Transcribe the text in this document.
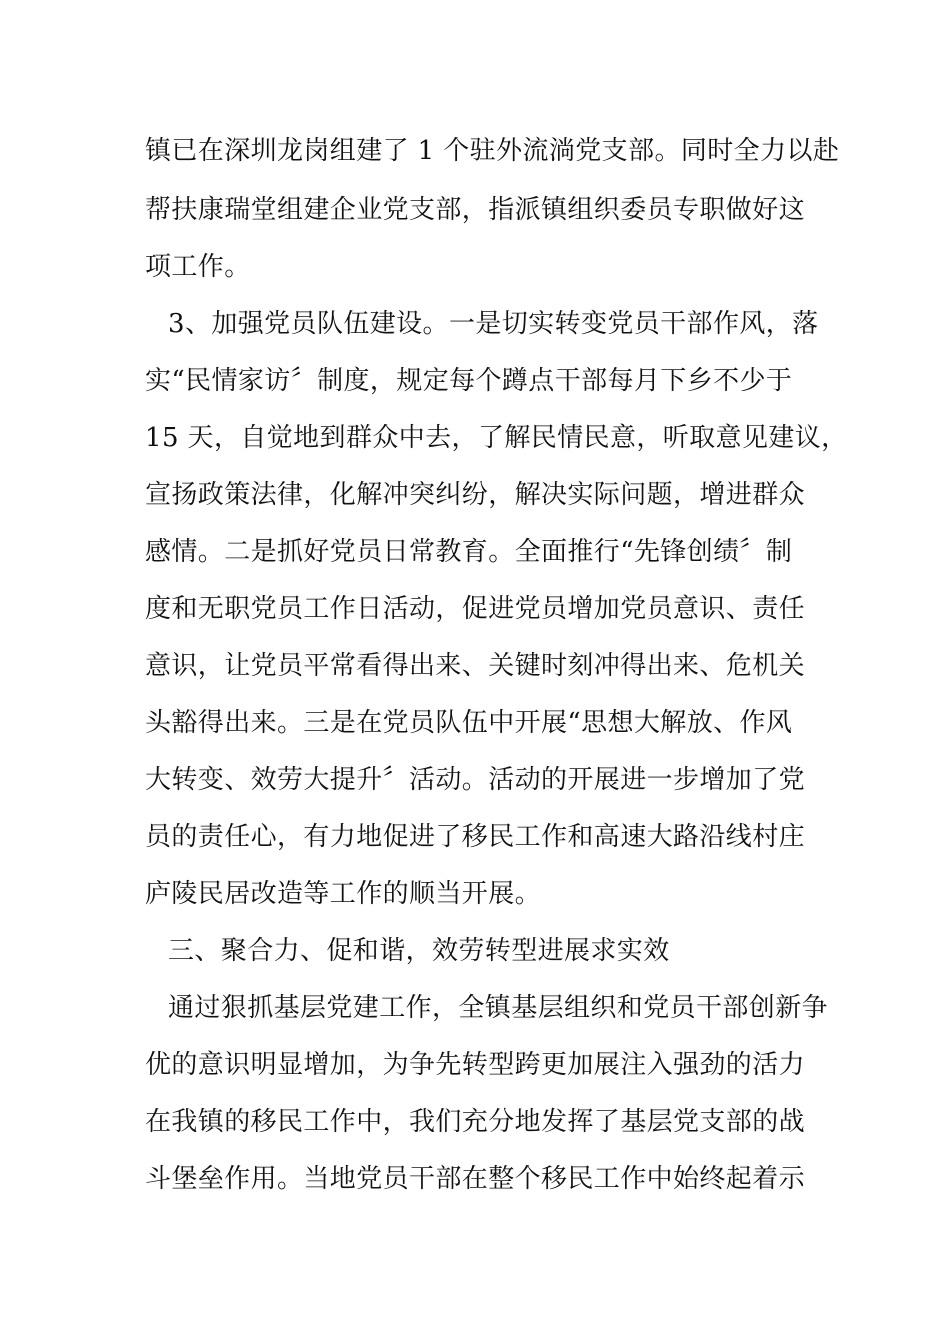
镇已在深圳龙岗组建了 1 个驻外流淌党支部。同时全力以赴
帮扶康瑞堂组建企业党支部，指派镇组织委员专职做好这
项工作。
3、加强党员队伍建设。一是切实转变党员干部作风，落
实“民情家访〞制度，规定每个蹲点干部每月下乡不少于
15 天，自觉地到群众中去，了解民情民意，听取意见建议，
宣扬政策法律，化解冲突纠纷，解决实际问题，增进群众
感情。二是抓好党员日常教育。全面推行“先锋创绩〞制
度和无职党员工作日活动，促进党员增加党员意识、责任
意识，让党员平常看得出来、关键时刻冲得出来、危机关
头豁得出来。三是在党员队伍中开展“思想大解放、作风
大转变、效劳大提升〞活动。活动的开展进一步增加了党
员的责任心，有力地促进了移民工作和高速大路沿线村庄
庐陵民居改造等工作的顺当开展。
三、聚合力、促和谐，效劳转型进展求实效
通过狠抓基层党建工作，全镇基层组织和党员干部创新争
优的意识明显增加，为争先转型跨更加展注入强劲的活力
在我镇的移民工作中，我们充分地发挥了基层党支部的战
斗堡垒作用。当地党员干部在整个移民工作中始终起着示
